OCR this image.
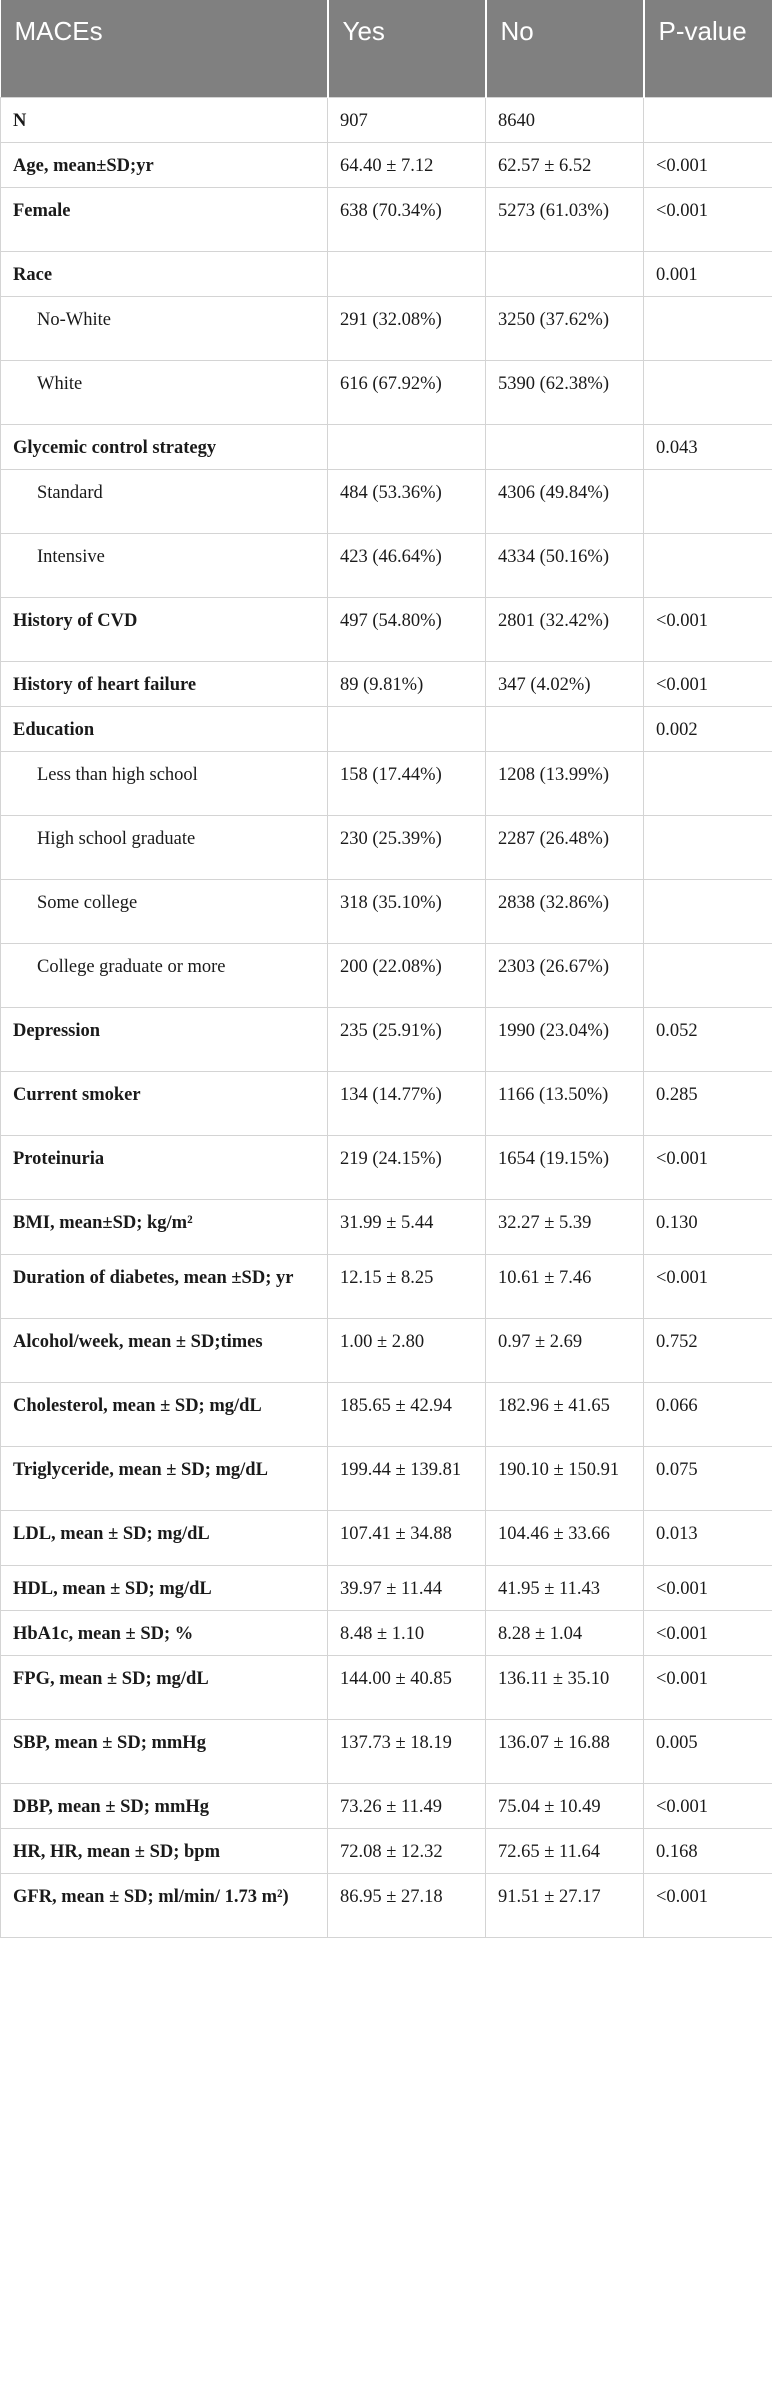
MACEs	Yes	No	P-value
N	907	8640	
Age, mean±SD;yr	64.40 ± 7.12	62.57 ± 6.52	<0.001
Female	638 (70.34%)	5273 (61.03%)	<0.001
Race			0.001
No-White	291 (32.08%)	3250 (37.62%)	
White	616 (67.92%)	5390 (62.38%)	
Glycemic control strategy			0.043
Standard	484 (53.36%)	4306 (49.84%)	
Intensive	423 (46.64%)	4334 (50.16%)	
History of CVD	497 (54.80%)	2801 (32.42%)	<0.001
History of heart failure	89 (9.81%)	347 (4.02%)	<0.001
Education			0.002
Less than high school	158 (17.44%)	1208 (13.99%)	
High school graduate	230 (25.39%)	2287 (26.48%)	
Some college	318 (35.10%)	2838 (32.86%)	
College graduate or more	200 (22.08%)	2303 (26.67%)	
Depression	235 (25.91%)	1990 (23.04%)	0.052
Current smoker	134 (14.77%)	1166 (13.50%)	0.285
Proteinuria	219 (24.15%)	1654 (19.15%)	<0.001
BMI, mean±SD; kg/m²	31.99 ± 5.44	32.27 ± 5.39	0.130
Duration of diabetes, mean ±SD; yr	12.15 ± 8.25	10.61 ± 7.46	<0.001
Alcohol/week, mean ± SD;times	1.00 ± 2.80	0.97 ± 2.69	0.752
Cholesterol, mean ± SD; mg/dL	185.65 ± 42.94	182.96 ± 41.65	0.066
Triglyceride, mean ± SD; mg/dL	199.44 ± 139.81	190.10 ± 150.91	0.075
LDL, mean ± SD; mg/dL	107.41 ± 34.88	104.46 ± 33.66	0.013
HDL, mean ± SD; mg/dL	39.97 ± 11.44	41.95 ± 11.43	<0.001
HbA1c, mean ± SD; %	8.48 ± 1.10	8.28 ± 1.04	<0.001
FPG, mean ± SD; mg/dL	144.00 ± 40.85	136.11 ± 35.10	<0.001
SBP, mean ± SD; mmHg	137.73 ± 18.19	136.07 ± 16.88	0.005
DBP, mean ± SD; mmHg	73.26 ± 11.49	75.04 ± 10.49	<0.001
HR, HR, mean ± SD; bpm	72.08 ± 12.32	72.65 ± 11.64	0.168
GFR, mean ± SD; ml/min/ 1.73 m²)	86.95 ± 27.18	91.51 ± 27.17	<0.001
